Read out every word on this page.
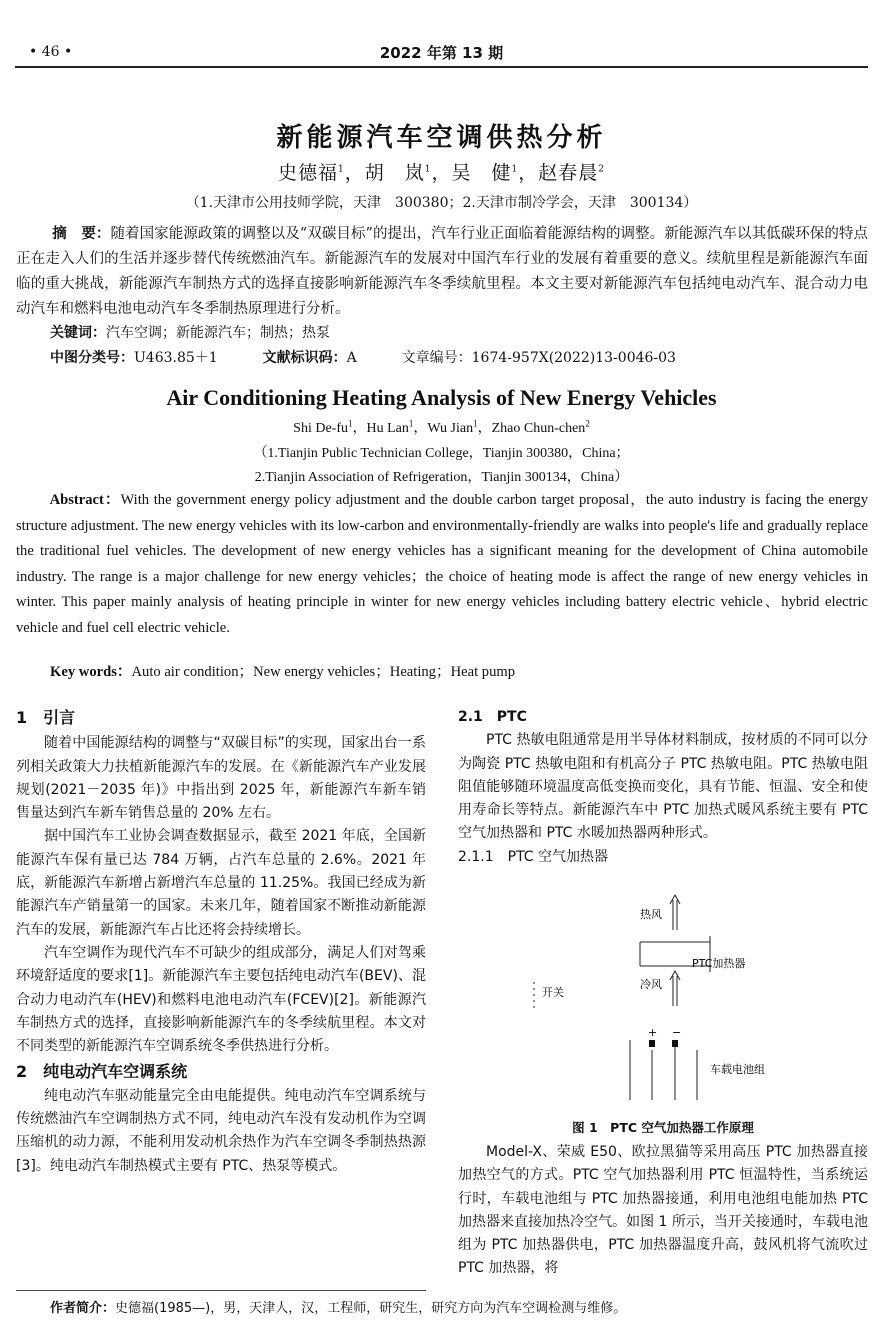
• 46 •	2022 年第 13 期
新能源汽车空调供热分析
史德福$^1$，胡　岚$^1$，吴　健$^1$，赵春晨$^2$
（1.天津市公用技师学院，天津　300380；2.天津市制冷学会，天津　300134）
摘　要：随着国家能源政策的调整以及“双碳目标”的提出，汽车行业正面临着能源结构的调整。新能源汽车以其低碳环保的特点正在走入人们的生活并逐步替代传统燃油汽车。新能源汽车的发展对中国汽车行业的发展有着重要的意义。续航里程是新能源汽车面临的重大挑战，新能源汽车制热方式的选择直接影响新能源汽车冬季续航里程。本文主要对新能源汽车包括纯电动汽车、混合动力电动汽车和燃料电池电动汽车冬季制热原理进行分析。
关键词：汽车空调；新能源汽车；制热；热泵
中图分类号：U463.85＋1	文献标识码：A	文章编号：1674-957X(2022)13-0046-03
Air Conditioning Heating Analysis of New Energy Vehicles
Shi $De-fu^1$，Hu Lan$^1$，Wu Jian$^1$，Zhao Chun-chen$^2$
（1.Tianjin Public Technician College，Tianjin 300380，China；
2.Tianjin Association of Refrigeration，Tianjin 300134，China）
Abstract：With the government energy policy adjustment and the double carbon target proposal，the auto industry is facing the energy structure adjustment. The new energy vehicles with its low-carbon and environmentally-friendly are walks into people's life and gradually replace the traditional fuel vehicles. The development of new energy vehicles has a significant meaning for the development of China automobile industry. The range is a major challenge for new energy vehicles；the choice of heating mode is affect the range of new energy vehicles in winter. This paper mainly analysis of heating principle in winter for new energy vehicles including battery electric vehicle、hybrid electric vehicle and fuel cell electric vehicle.
Key words：Auto air condition；New energy vehicles；Heating；Heat pump
1　引言

随着中国能源结构的调整与“双碳目标”的实现，国家出台一系列相关政策大力扶植新能源汽车的发展。在《新能源汽车产业发展规划(2021－2035 年)》中指出到 2025 年，新能源汽车新车销售量达到汽车新车销售总量的 20% 左右。

据中国汽车工业协会调查数据显示，截至 2021 年底，全国新能源汽车保有量已达 784 万辆，占汽车总量的 2.6%。2021 年底，新能源汽车新增占新增汽车总量的 11.25%。我国已经成为新能源汽车产销量第一的国家。未来几年，随着国家不断推动新能源汽车的发展，新能源汽车占比还将会持续增长。

汽车空调作为现代汽车不可缺少的组成部分，满足人们对驾乘环境舒适度的要求[1]。新能源汽车主要包括纯电动汽车(BEV)、混合动力电动汽车(HEV)和燃料电池电动汽车(FCEV)[2]。新能源汽车制热方式的选择，直接影响新能源汽车的冬季续航里程。本文对不同类型的新能源汽车空调系统冬季供热进行分析。

2　纯电动汽车空调系统

纯电动汽车驱动能量完全由电能提供。纯电动汽车空调系统与传统燃油汽车空调制热方式不同，纯电动汽车没有发动机作为空调压缩机的动力源，不能利用发动机余热作为汽车空调冬季制热热源[3]。纯电动汽车制热模式主要有 PTC、热泵等模式。

2.1　PTC

PTC 热敏电阻通常是用半导体材料制成，按材质的不同可以分为陶瓷 PTC 热敏电阻和有机高分子 PTC 热敏电阻。PTC 热敏电阻阻值能够随环境温度高低变换而变化，具有节能、恒温、安全和使用寿命长等特点。新能源汽车中 PTC 加热式暖风系统主要有 PTC 空气加热器和 PTC 水暖加热器两种形式。

2.1.1　PTC 空气加热器

热风
PTC加热器
冷风
开关
+ −
车载电池组
图 1　PTC 空气加热器工作原理

Model-X、荣威 E50、欧拉黑猫等采用高压 PTC 加热器直接加热空气的方式。PTC 空气加热器利用 PTC 恒温特性，当系统运行时，车载电池组与 PTC 加热器接通，利用电池组电能加热 PTC 加热器来直接加热冷空气。如图 1 所示，当开关接通时，车载电池组为 PTC 加热器供电，PTC 加热器温度升高，鼓风机将气流吹过 PTC 加热器，将

作者简介：史德福(1985—)，男，天津人，汉，工程师，研究生，研究方向为汽车空调检测与维修。
